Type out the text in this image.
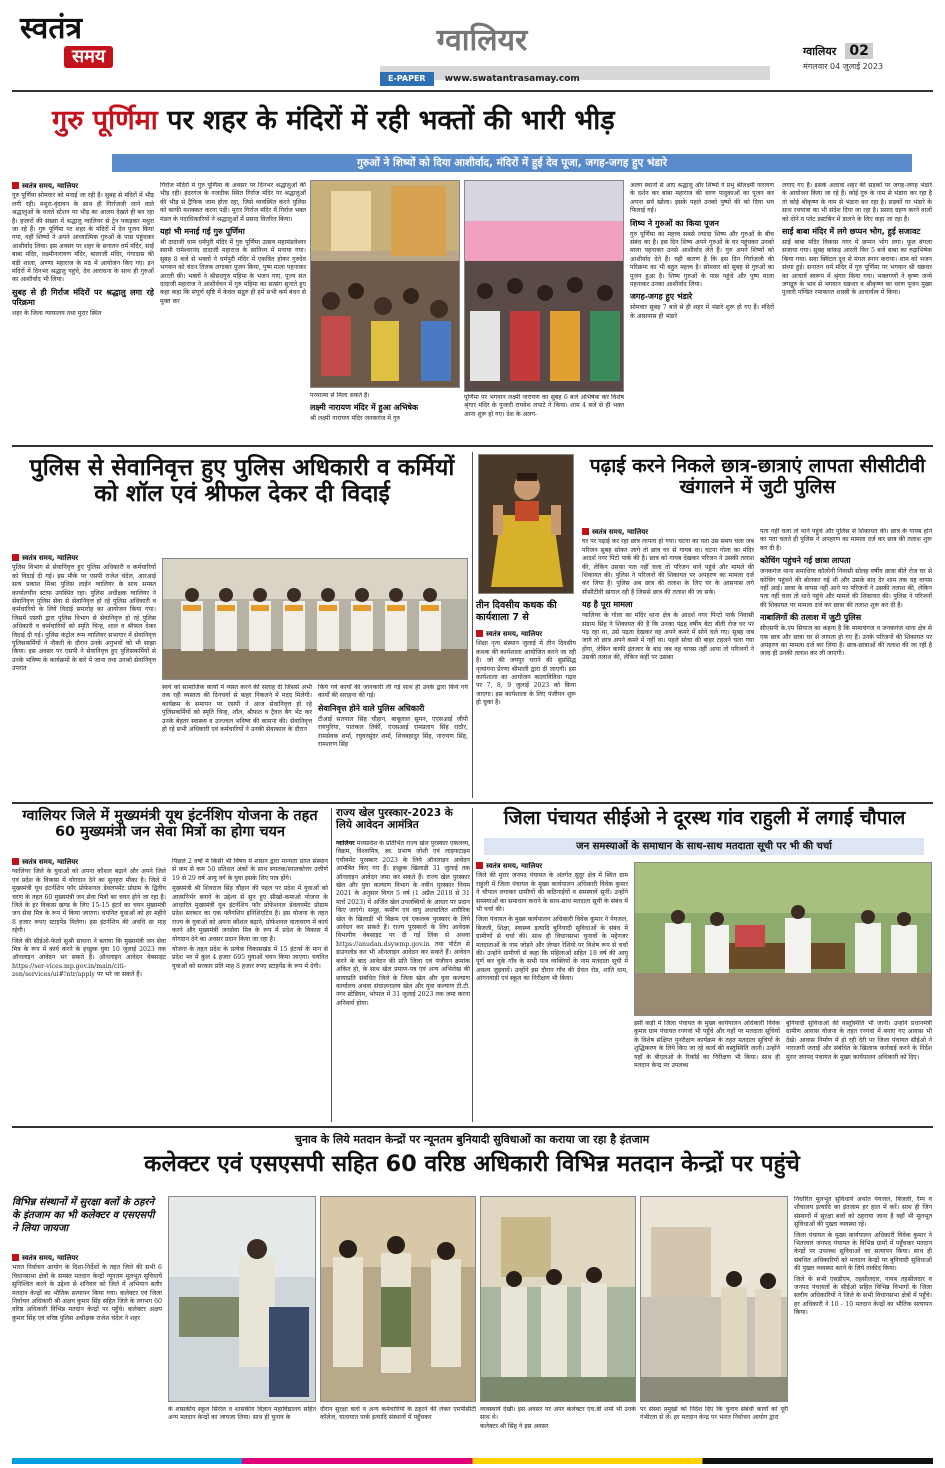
स्वतंत्र
समय	ग्वालियर
E-PAPER www.swatantrasamay.com
ग्वालियर 02
मंगलवार 04 जुलाई 2023
गुरु पूर्णिमा पर शहर के मंदिरों में रही भक्तों की भारी भीड़
गुरुओं ने शिष्यों को दिया आशीर्वाद, मंदिरों में हुई देव पूजा, जगह-जगह हुए भंडारे
स्वतंत्र समय, ग्वालियर
गुरु पूर्णिमा सोमवार को मनाई जा रही है। सुबह से मंदिरों में भीड़ लगी रही। मथुरा-वृंदावन के साथ ही गिर्राजजी जाने वाले श्रद्धालुओं के चलते स्टेशन पर भीड़ का आलम देखते ही बन रहा है। हजारों की संख्या में श्रद्धालु ग्वालियर से ट्रेन पकड़कर मथुरा जा रहे हैं। गुरु पूर्णिमा पर शहर के मंदिरों में देव पूजन किया गया, वहीं शिष्यों ने अपने आध्यात्मिक गुरुओं के पास पहुंचकर आशीर्वाद लिया। इस अवसर पर शहर के सनातन धर्म मंदिर, साईं बाबा मंदिर, लक्ष्मीनारायण मंदिर, बालाजी मंदिर, गंगादास की बड़ी शाला, अण्णा महाराज के मठ में आयोजन किए गए। इन मंदिरों में दिनभर श्रद्धालु पहुंचे, देव आराधना के साथ ही गुरुओं का आशीर्वाद भी लिया।
सुबह से ही गिर्राज मंदिरों पर श्रद्धालु लगा रहे परिक्रमा
शहर के जिला न्यायालय तथा मुरार स्थित
गिर्राज मंदिरों में गुरु पूर्णिमा के अवसर पर दिनभर श्रद्धालुओं की भीड़ रही। इंदरगंज के नजदीक स्थित गिर्राज मंदिर पर श्रद्धालुओं की भीड़ से ट्रैफिक जाम होता रहा, जिसे व्यवस्थित करने पुलिस को काफी मशक्कत करना पड़ी। मुरार गिर्राज मंदिर में गिर्राज भक्त मंडल के पदाधिकारियों ने श्रद्धालुओं में प्रसाद वितरित किया।
यहां भी मनाई गई गुरु पूर्णिमा
श्री दादाजी धाम धर्मपुरी मंदिर में गुरु पूर्णिमा उत्सव महामंडलेश्वर स्वामी रामेश्वरनंद दादाजी महाराज के सानिध्य में मनाया गया। सुबह 8 बजे से भक्तों ने धर्मपुरी मंदिर में एकत्रित होकर गुरुदेव भगवान को चंदन तिलक लगाकर पूजन किया, पुष्प माला पहनाकर आरती की। भक्तों ने श्रीसदगुरु महिमा के भजन गाए, पूज्य संत दादाजी महाराज ने आशीर्वचन में गुरु महिमा का सत्संग सुनाते हुए कहा कहा कि संपूर्ण सृष्टि में केवल सद्गुरु ही हमें सभी कर्म बंधन से मुक्त कर
परमात्मा से मिला सकते हैं।
लक्ष्मी नारायण मंदिर में हुआ अभिषेक
श्री लक्ष्मी नारायण मंदिर जनकगंज में गुरु
पूर्णिमा पर भगवान लक्ष्मी नारायण का सुबह 6 बजे अभिषेक कर विशेष श्रृंगार मंदिर के पुजारी राघवेश लपाटे ने किया। शाम 4 बजे से ही भक्त आना शुरू हो गए। देश के अलग-
अलग स्थानों से आए श्रद्धालु और शिष्यों ने प्रभु श्रीलक्ष्मी नारायण के दर्शन कर बाबा महाराज की चरण पादुकाओं का पूजन कर अपना सर्व खोला। इसके पहले उनको पुष्पों की को दिया भय फिलाई गई।
शिष्य ने गुरुओं का किया पूजन
गुरु पूर्णिमा का महत्त्व सबसे ज्यादा शिष्य और गुरुओं के बीच संबंध का है। इस दिन शिष्य अपने गुरुओं के घर पहुंचकर उनको माला पहनाकर उनसे आशीर्वाद लेते हैं। गुरु अपने शिष्यों को आशीर्वाद देते हैं। यही कारण है कि इस दिन गिर्राजजी की परिक्रमा का भी बहुत महत्त्व है। सोमवार को सुबह से गुरुओं का पूजन हुआ है। शिष्य गुरुओं के पास पहुंचे और पुष्प माला पहनाकर उनका आशीर्वाद लिया।
जगह-जगह हुए भंडारे
सोमवार सुबह 7 बजे से ही शहर में भंडारे शुरू हो गए हैं। मंदिरों के आसपास ही भंडारे
लगाए गए हैं। इसके अलावा शहर की सड़कों पर जगह-जगह भंडारे के आयोजन किया जा रहे हैं। कोई गुरु के नाम से भंडारा कर रहा है तो कोई श्रीकृष्ण के नाम से भंडारा कर रहा है। सड़कों पर भंडारे के साथ रथयात्रा का भी संदेश दिया जा रहा है। प्रसाद ग्रहण करने वालों को दोने व प्लेट डस्टबिन में डालने के लिए कहा जा रहा है।
साईं बाबा मंदिर में लगे छप्पन भोग, हुई सजावट
साईं बाबा मंदिर विकास नगर में छप्पन भोग लगा। फूल बंगला सजाया गया। सुबह कांकड़ आरती फिर 5 बजे बाबा का रुद्राभिषेक किया गया। सवा क्विंटल दूध से मंगल स्नान कराया। शाम को भजन संध्या हुई। सनातन धर्म मंदिर में गुरु पूर्णिमा पर भगवान श्री चक्रधर का आचार्य स्वरूप में श्रृंगार किया गया। भक्तगणों ने कृष्ण जन्मे जगद्गुरु के भाव से भगवान चक्रधर व श्रीकृष्ण का चरण पूजन मुख्य पुजारी पण्डित रमाकान्त शास्त्री के आचार्यत्व में किया।
पुलिस से सेवानिवृत्त हुए पुलिस अधिकारी व कर्मियों को शॉल एवं श्रीफल देकर दी विदाई
स्वतंत्र समय, ग्वालियर
पुलिस विभाग से सेवानिवृत्त हुए पुलिस अधिकारी व कर्मचारियों को विदाई दी गई। इस मौके पर एसपी राजेश चंदेल, आरआई सत्य प्रकाश मिश्रा पुलिस लाईन ग्वालियर के साथ समस्त कार्यालयीन स्टाफ उपस्थित रहा। पुलिस अधीक्षक ग्वालियर ने सेवानिवृत्त पुलिस सेवा से सेवानिवृत्त हो रहे पुलिस अधिकारी व कर्मचारियों के लिये विदाई समारोह का आयोजन किया गया। जिसमें एसपी द्वारा पुलिस विभाग से सेवानिवृत्त हो रहे पुलिस अधिकारी व कर्मचारियों को स्मृति चिन्ह, शाल व श्रीफल देकर विदाई दी गई। पुलिस कंट्रोल रूम ग्वालियर सभागार में सेवानिवृत्त पुलिसकर्मियों ने नौकरी के दौरान उनके अनुभवों को भी साझा किया। इस अवसर पर एसपी ने सेवानिवृत्त हुए पुलिसकर्मियों से उनके भविष्य के कार्यक्रमों के बारे में जाना तथा उनको सेवानिवृत्त उपरांत
स्वयं को सामाजिक कार्यों में व्यस्त करने की सलाह दी जिससे अभी तक रही व्यस्तता की दिनचर्या से बाहर निकलने में मदद मिलेगी। कार्यक्रम के समापन पर एसपी ने आज सेवानिवृत्त हो रहे पुलिसकर्मियों को स्मृति चिन्ह, शॉल, श्रीफल व ट्रैवल बैग भेंट कर उनके बेहतर स्वास्थ्य व उज्ज्वल भविष्य की कामना की। सेवानिवृत्त हो रहे सभी अधिकारी एवं कर्मचारियों ने उनकी सेवाकाल के दौरान
किये गये कार्यों की जानकारी ली गई साथ ही उनके द्वारा किये गये कार्यों की सराहना की गई।
सेवानिवृत्त होने वाले पुलिस अधिकारी
टीआई सतपाल सिंह चौहान, बाबूलाल सुमन, एएसआई जीपी रायपुरिया, पातकल तिर्की, एएसआई रामप्रताप सिंह राठौर, रामसेवक शर्मा, रघुवरसुंदर शर्मा, शिवबहादुर सिंह, नारायण सिंह, रामशरण सिंह
तीन दिवसीय कथक की कार्यशाला 7 से
स्वतंत्र समय, ग्वालियर
शिक्षा नृत्य संस्थान जुलाई में तीन दिवसीय कथक की कार्यशाला आयोजित करने जा रही है। जो की जयपुर घराने की सुप्रसिद्ध नृत्यांगना प्रेरणा श्रीमाली द्वारा दी जाएगी। इस कार्यशाला का आयोजन कालाविविधा गढ़व पर 7, 8, 9 जुलाई 2023 को किया जाएगा। इस कार्यशाला के लिए पंजीयन शुरू हो चुका है।
पढ़ाई करने निकले छात्र-छात्राएं लापता सीसीटीवी खंगालने में जुटी पुलिस
स्वतंत्र समय, ग्वालियर
घर पर पढ़ाई कर रहा छात्र लापता हो गया। घटना का पता उस समय चला जब परिजन सुबह सोकर जागे तो छात्र घर से गायब था। घटना गोला का मंदिर आदर्श नगर पिंटो पार्क की है। छात्र को गायब देखकर परिजन ने उसकी तलाश की, लेकिन उसका पता नहीं चला तो परिजन थाने पहुंचे और मामले की शिकायत की। पुलिस ने परिजनों की शिकायत पर अपहरण का मामला दर्ज कर लिया है। पुलिस अब छात्र की तलाश के लिए घर के आसपास लगे सीसीटीवी खंगाल रही है जिससे छात्र की तलाश की जा सके।
यह है पूरा मामला
ग्वालियर के गोला का मंदिर थाना क्षेत्र के आदर्श नगर पिन्टो पार्क निवासी संग्राम सिंह ने शिकायत की है कि उनका पंद्रह वर्षीय बेटा बीती रोज घर पर पढ़ रहा था, उसे पढ़ता देखकर वह अपने कमरे में सोने चले गए। सुबह जब जागे तो छात्र अपने कमरे में नहीं था। पहले सोचा की बाहर टहलने चला गया होगा, लेकिन काफी इंतजार के बाद जब वह वापस नहीं आया तो परिजनों ने उसकी तलाश की, लेकिन कहीं पर उसका
पता नहीं चला तो थाने पहुंचे और पुलिस से शिकायत की। छात्र के गायब होने का पता चलते ही पुलिस ने अपहरण का मामला दर्ज कर छात्र की तलाश शुरू कर दी है।
कोचिंग पहुंचने गई छात्रा लापता
जनकगंज थाना समाधिया कॉलोनी निवासी सोलह वर्षीय छात्रा बीते रोज घर से कोचिंग पहुंचने की बोलकर गई थी और उसके बाद देर शाम तक वह वापस नहीं आई। छात्रा के वापस नहीं आने पर परिजनों ने उसकी तलाश की, लेकिन पता नहीं चला तो थाने पहुंचे और मामले की शिकायत की। पुलिस ने परिजनों की शिकायत पर मामला दर्ज कर छात्रा की तलाश शुरू कर दी है।
नाबालिगों की तलाश में जुटी पुलिस
सीएसपी के.एम सियाज का कहना है कि मामाचंगज व जनकगंज थाना क्षेत्र से एक छात्र और छात्रा घर से लापता हो गए हैं। उनके परिजनों की शिकायत पर अपहरण का मामला दर्ज कर लिया है। छात्र-छात्राओं की तलाश की जा रही है जल्द ही उनकी तलाश कर ली जाएगी।
ग्वालियर जिले में मुख्यमंत्री यूथ इंटर्नशिप योजना के तहत 60 मुख्यमंत्री जन सेवा मित्रों का होगा चयन
स्वतंत्र समय, ग्वालियर
ग्वालियर जिले के युवाओं को अपना कौशल बढ़ाने और अपने जिले एवं प्रदेश के विकास में योगदान देने का सुनहरा मौका है। जिले में मुख्यमंत्री यूथ इंटर्नशिप फॉर प्रोफेशनल डेवलपमेंट प्रोग्राम के द्वितीय चरण के तहत 60 मुख्यमंत्री जन सेवा मित्रों का चयन होने जा रहा है। जिले के हर विकास खण्ड के लिए 15-15 इंटर्न का चयन मुख्यमंत्री जन सेवा मित्र के रूप में किया जाएगा। चयनित युवाओं को हर महीने 8 हजार रूपए स्टाइपेंड मिलेगा। इस इंटर्नशिप की अवधि छः माह रहेगी।
जिले की सीईओ-फेलो सुश्री साधना ने बताया कि मुख्यमंत्री जन सेवा मित्र के रूप में कार्य करने के इच्छुक युवा 10 जुलाई 2023 तक ऑनलाइन आवेदन भर सकते हैं। ऑनलाइन आवेदन वेबसाइट https://ser-vices.mp.gov.in/main/citi-zen/services/ui#!ntr/apply पर भरे जा सकते हैं।
पिछले 2 वर्षों में किसी भी विषय में शासन द्वारा मान्यता प्राप्त संस्थान से कम से कम 50 प्रतिशत अंकों के साथ स्नातक/स्नातकोत्तर उत्तीर्ण 19 से 29 वर्ष आयु वर्ग के युवा इसके लिए पात्र होंगे।
मुख्यमंत्री श्री शिवराज सिंह चौहान की पहल पर प्रदेश में युवाओं को आत्मनिर्भर बनाने के उद्देश्य से सुन हुए सीखो-कमाओ योजना के आधारित मुख्यमंत्री यूथ इंटर्नशिप फॉर प्रोफेशनल डेवलपमेंट प्रोग्राम प्रदेश सरकार का एक फ्लैगशिप इनिशिएटिव है। इस योजना के तहत राज्य के युवाओं को अपना कौशल बढ़ाने, प्रोफेशनल वातावरण में कार्य करने और मुख्यमंत्री जनसेवा मित्र के रूप में प्रदेश के विकास में योगदान देने का अवसर प्रदान किया जा रहा है।
योजना के तहत प्रदेश के प्रत्येक विकासखंड में 15 इंटर्न्स के मान से प्रदेश भर में कुल 4 हजार 695 युवाओं चयन किया जाएगा। चयनित युवाओं को सरकार प्रति माह 8 हजार रुपए स्टाइपेंड के रूप में देगी।
राज्य खेल पुरस्कार-2023 के लिये आवेदन आमंत्रित
ग्वालियर मध्यप्रदेश के प्रतिभित राज्य खेल पुरस्कार एकलव्य, विक्रम, विश्वामित्र, स्व. प्रभाष जोशी एवं लाइफटाइम एचीवमेंट पुरस्कार 2023 के लिये ऑनलाइन आवेदन आमंत्रित किए गए हैं। इच्छुक खिलाड़ी 31 जुलाई तक ऑनलाइन आवेदन जमा कर सकते हैं। राज्य खेल पुरस्कार खेल और युवा कल्याण विभाग के नवीन पुरस्कार नियम 2021 के अनुसार विगत 5 वर्ष (1 अप्रैल 2018 से 31 मार्च 2023) में अर्जित खेल उपलब्धियों के आधार पर प्रदान किए जाएंगे। समूह, कर्मीण एवं वायु अधचालित शारीरिक खेल के खिलाड़ी भी विक्रम एवं एकलव्य पुरस्कार के लिये आवेदन कर सकते हैं। राज्य पुरस्कारों के लिए आवेदक विभागीय वेबसाइट पर दी गई लिंक से अथवा https://anudan.dsywmp.gov.in तथा पोर्टल से डाउनलोड कर भी ऑनलाइन आवेदन कर सकते हैं। आवेदन करने के बाद आवेदन की प्रति जिला एवं पंजीयन क्रमांक अंकित हो, के साथ खेल प्रमाण-पत्र एवं अन्य अभिलेख की छायाप्रति संबंधित जिले के जिला खेल और युवा कल्याण कार्यालय अथवा संचालनालय खेल और युवा कल्याण टी.टी. नगर स्टेडियम, भोपाल में 31 जुलाई 2023 तक जमा करना अनिवार्य होगा।
जिला पंचायत सीईओ ने दूरस्थ गांव राहुली में लगाई चौपाल
जन समस्याओं के समाधान के साथ-साथ मतदाता सूची पर भी की चर्चा
स्वतंत्र समय, ग्वालियर
जिले की मुरार जनपद पंचायत के अंतर्गत सुदूर क्षेत्र में स्थित ग्राम राहुली में जिला पंचायत के मुख्य कार्यपालन अधिकारी विवेक कुमार ने चौपाल लगाकर ग्रामीणों की कठिनाईयों व समस्यायें सुनीं। उन्होंने समस्याओं का समाधान कराने के साथ-साथ मतदाता सूची के संबंध में भी चर्चा की।
जिला पंचायत के मुख्य कार्यपालन अधिकारी विवेक कुमार ने पेयजल, बिजली, शिक्षा, स्वास्थ्य इत्यादि बुनियादी सुविधाओं के संबंध में ग्रामीणों से चर्चा की। साथ ही विधानसभा चुनावों के मद्देनजर मतदाताओं के नाम जोड़ने और जेण्डर रेशियो पर विशेष रूप से चर्चा की। उन्होंने ग्रामीणों से कहा कि महिलाओं सहित 18 वर्ष की आयु पूर्ण कर चुके गाँव के सभी पात्र व्यक्तियों के नाम मतदाता सूची में अवश्य जुड़वायें। उन्होंने इस दौरान गाँव की ग्रेवल रोड, शांति धाम, आंगनवाड़ी एवं स्कूल का निरीक्षण भी किया।
इसी कड़ी में जिला पंचायत के मुख्य कार्यपालन अधिकारी विवेक कुमार ग्राम पंचायत रनगवां भी पहुँचे और यहाँ पर मतदाता सूचियों के विशेष संक्षिप्त पुनरीक्षण कार्यक्रम के तहत मतदाता सूचियों के शुद्धिकरण के लिये किए जा रहे कार्य की वस्तुस्थिति जानी। उन्होंने यहाँ के बीएलओ के रिकॉर्ड का निरीक्षण भी किया। साथ ही मतदान केन्द्र पर उपलब्ध
बुनियादी सुविधाओं की वस्तुस्थिति भी जानी। उन्होंने प्रधानमंत्री ग्रामीण आवास योजना के तहत रनगवां में बनाए गए आवास भी देखे। आवास निर्माण में हो रही देरी पर जिला पंचायत सीईओ ने नाराजगी जताई और संबंधित के खिलाफ कार्रवाई करने के निर्देश मुरार जनपद पंचायत के मुख्य कार्यपालन अधिकारी को दिए।
चुनाव के लिये मतदान केन्द्रों पर न्यूनतम बुनियादी सुविधाओं का कराया जा रहा है इंतजाम
कलेक्टर एवं एसएसपी सहित 60 वरिष्ठ अधिकारी विभिन्न मतदान केन्द्रों पर पहुंचे
विभिन्न संस्थानों में सुरक्षा बलों के ठहरने के इंतजाम का भी कलेक्टर व एसएसपी ने लिया जायजा
स्वतंत्र समय, ग्वालियर
भारत निर्वाचन आयोग के दिशा-निर्देशों के तहत जिले की सभी 6 विधानसभा क्षेत्रों के समस्त मतदान केन्द्रों न्यूनतम मूलभूत सुविधायें सुनिश्चित करने के उद्देश्य से शनिवार को जिले में अभियान बतौर मतदान केन्द्रों का भौतिक सत्यापन किया गया। कलेक्टर एवं जिला निर्वाचन अधिकारी श्री अक्षय कुमार सिंह सहित जिले के लगभग 60 वरिष्ठ अधिकारी विभिन्न मतदान केन्द्रों पर पहुँचे। कलेक्टर अक्षय कुमार सिंह एवं वरिष्ठ पुलिस अधीक्षक राजेश चंदेल ने शहर
के शासकीय स्कूल सिरोल व शासकीय विज्ञान महाविद्यालय सहित अन्य मतदान केन्द्रों का जायजा लिया। साथ ही चुनाव के
दौरान सुरक्षा बलों व अन्य कर्मचारियों के ठहरने की लेकर एमपीसीटी कॉलेज, यातायात पार्क इत्यादि संस्थानों में पहुँचकर
व्यवस्थायें देखीं। इस अवसर पर अपर कलेक्टर एच.बी शर्मा भी उनके साथ थे।
कलेक्टर श्री सिंह ने इस अवसर
पर संस्था प्रमुखों को निर्देश दिए कि चुनाव संबंधी कार्यों को पूरी गंभीरता से लें। हर मतदान केन्द्र पर भारत निर्वाचन आयोग द्वारा
निर्धारित मूलभूत सुविधायें अर्थात पेयजल, बिजली, रैम्प व शौचालय इत्यादि का इंतजाम हर हाल में करें। साथ ही जिन संस्थानों में सुरक्षा बलों को ठहराया जाना है वहाँ भी मूलभूत सुविधाओं की पुख्ता व्यवस्था रहे।
जिला पंचायत के मुख्य कार्यपालन अधिकारी विवेक कुमार ने भितरवार जनपद पंचायत के विभिन्न ग्रामों में पहुँचकर मतदान केन्द्रों पर उपलब्ध सुविधाओं का सत्यापन किया। साथ ही संबंधित अधिकारियों को मतदान केन्द्रों पर बुनियादी सुविधाओं की पुख्ता व्यवस्था करने के लिये ताकीद किया।
जिले के सभी एसडीएम, तहसीलदार, नायब तहसीलदार व जनपद पंचायतों के सीईओ सहित विभिन्न विभागों के जिला स्तरीय अधिकारियों ने जिले के सभी विधानसभा क्षेत्रों में पहुँचे। हर अधिकारी ने 10 - 10 मतदान केन्द्रों का भौतिक सत्यापन किया।
